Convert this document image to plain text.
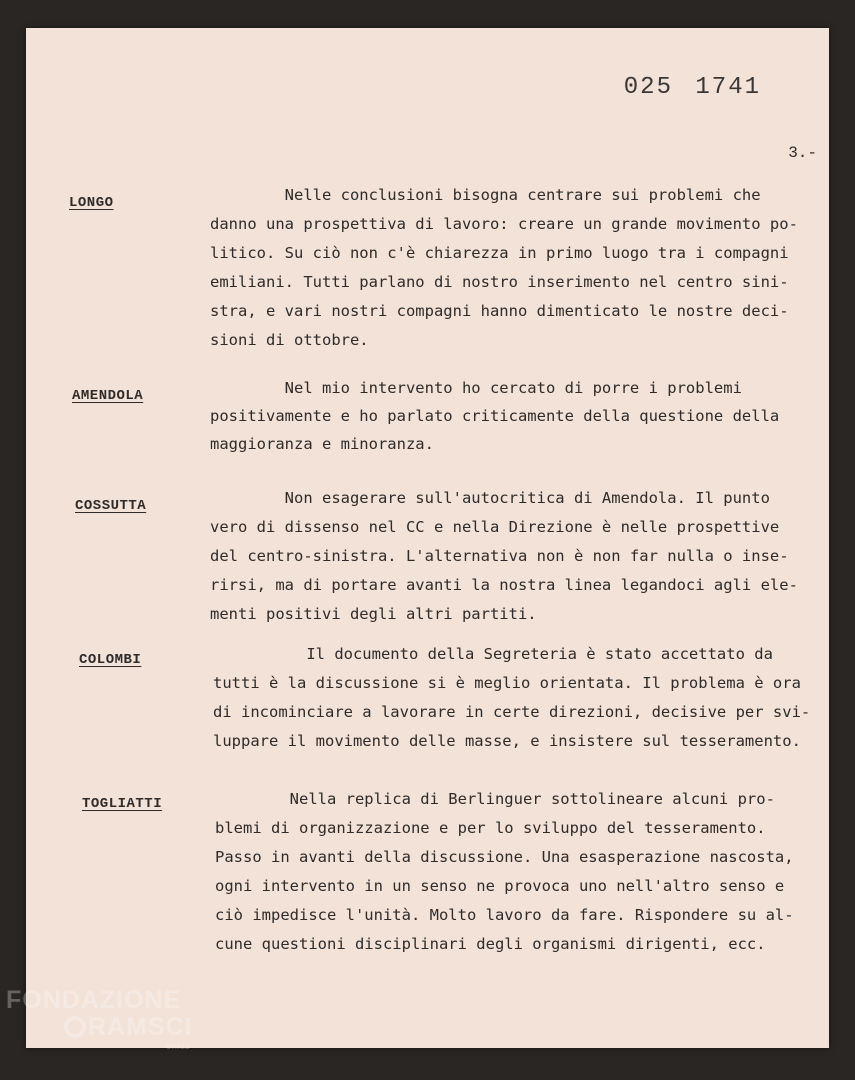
025 1741
3.-
LONGO	Nelle conclusioni bisogna centrare sui problemi che
danno una prospettiva di lavoro: creare un grande movimento po-
litico. Su ciò non c'è chiarezza in primo luogo tra i compagni
emiliani. Tutti parlano di nostro inserimento nel centro sini-
stra, e vari nostri compagni hanno dimenticato le nostre deci-
sioni di ottobre.
AMENDOLA	Nel mio intervento ho cercato di porre i problemi
positivamente e ho parlato criticamente della questione della
maggioranza e minoranza.
COSSUTTA	Non esagerare sull'autocritica di Amendola. Il punto
vero di dissenso nel CC e nella Direzione è nelle prospettive
del centro-sinistra. L'alternativa non è non far nulla o inse-
rirsi, ma di portare avanti la nostra linea legandoci agli ele-
menti positivi degli altri partiti.
COLOMBI	Il documento della Segreteria è stato accettato da
tutti è la discussione si è meglio orientata. Il problema è ora
di incominciare a lavorare in certe direzioni, decisive per svi-
luppare il movimento delle masse, e insistere sul tesseramento.
TOGLIATTI	Nella replica di Berlinguer sottolineare alcuni pro-
blemi di organizzazione e per lo sviluppo del tesseramento.
Passo in avanti della discussione. Una esasperazione nascosta,
ogni intervento in un senso ne provoca uno nell'altro senso e
ciò impedisce l'unità. Molto lavoro da fare. Rispondere su al-
cune questioni disciplinari degli organismi dirigenti, ecc.
FONDAZIONE
RAMSCI
onlus
